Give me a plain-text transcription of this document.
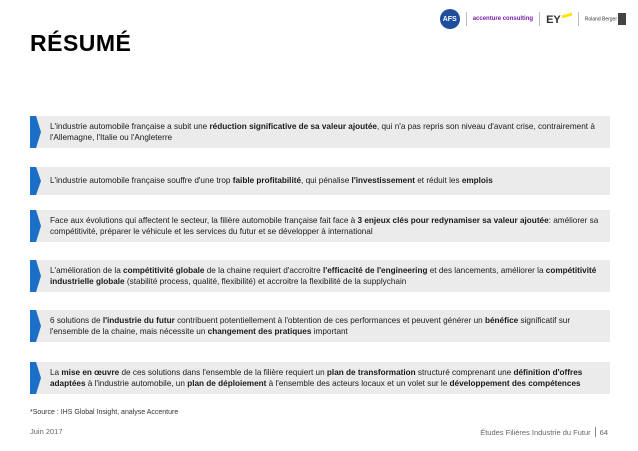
RÉSUMÉ
AFS	accenture consulting EY	Roland Berger
L'industrie automobile française a subit une réduction significative de sa valeur ajoutée, qui n'a pas repris son niveau d'avant crise, contrairement à l'Allemagne, l'Italie ou l'Angleterre
L'industrie automobile française souffre d'une trop faible profitabilité, qui pénalise l'investissement et réduit les emplois
Face aux évolutions qui affectent le secteur, la filière automobile française fait face à 3 enjeux clés pour redynamiser sa valeur ajoutée: améliorer sa compétitivité, préparer le véhicule et les services du futur et se développer à international
L'amélioration de la compétitivité globale de la chaine requiert d'accroitre l'efficacité de l'engineering et des lancements, améliorer la compétitivité industrielle globale (stabilité process, qualité, flexibilité) et accroitre la flexibilité de la supplychain
6 solutions de l'industrie du futur contribuent potentiellement à l'obtention de ces performances et peuvent générer un bénéfice significatif sur l'ensemble de la chaine, mais nécessite un changement des pratiques important
La mise en œuvre de ces solutions dans l'ensemble de la filière requiert un plan de transformation structuré comprenant une définition d'offres adaptées à l'industrie automobile, un plan de déploiement à l'ensemble des acteurs locaux et un volet sur le développement des compétences
*Source : IHS Global Insight, analyse Accenture
Juin 2017	Études Filières Industrie du Futur 64
